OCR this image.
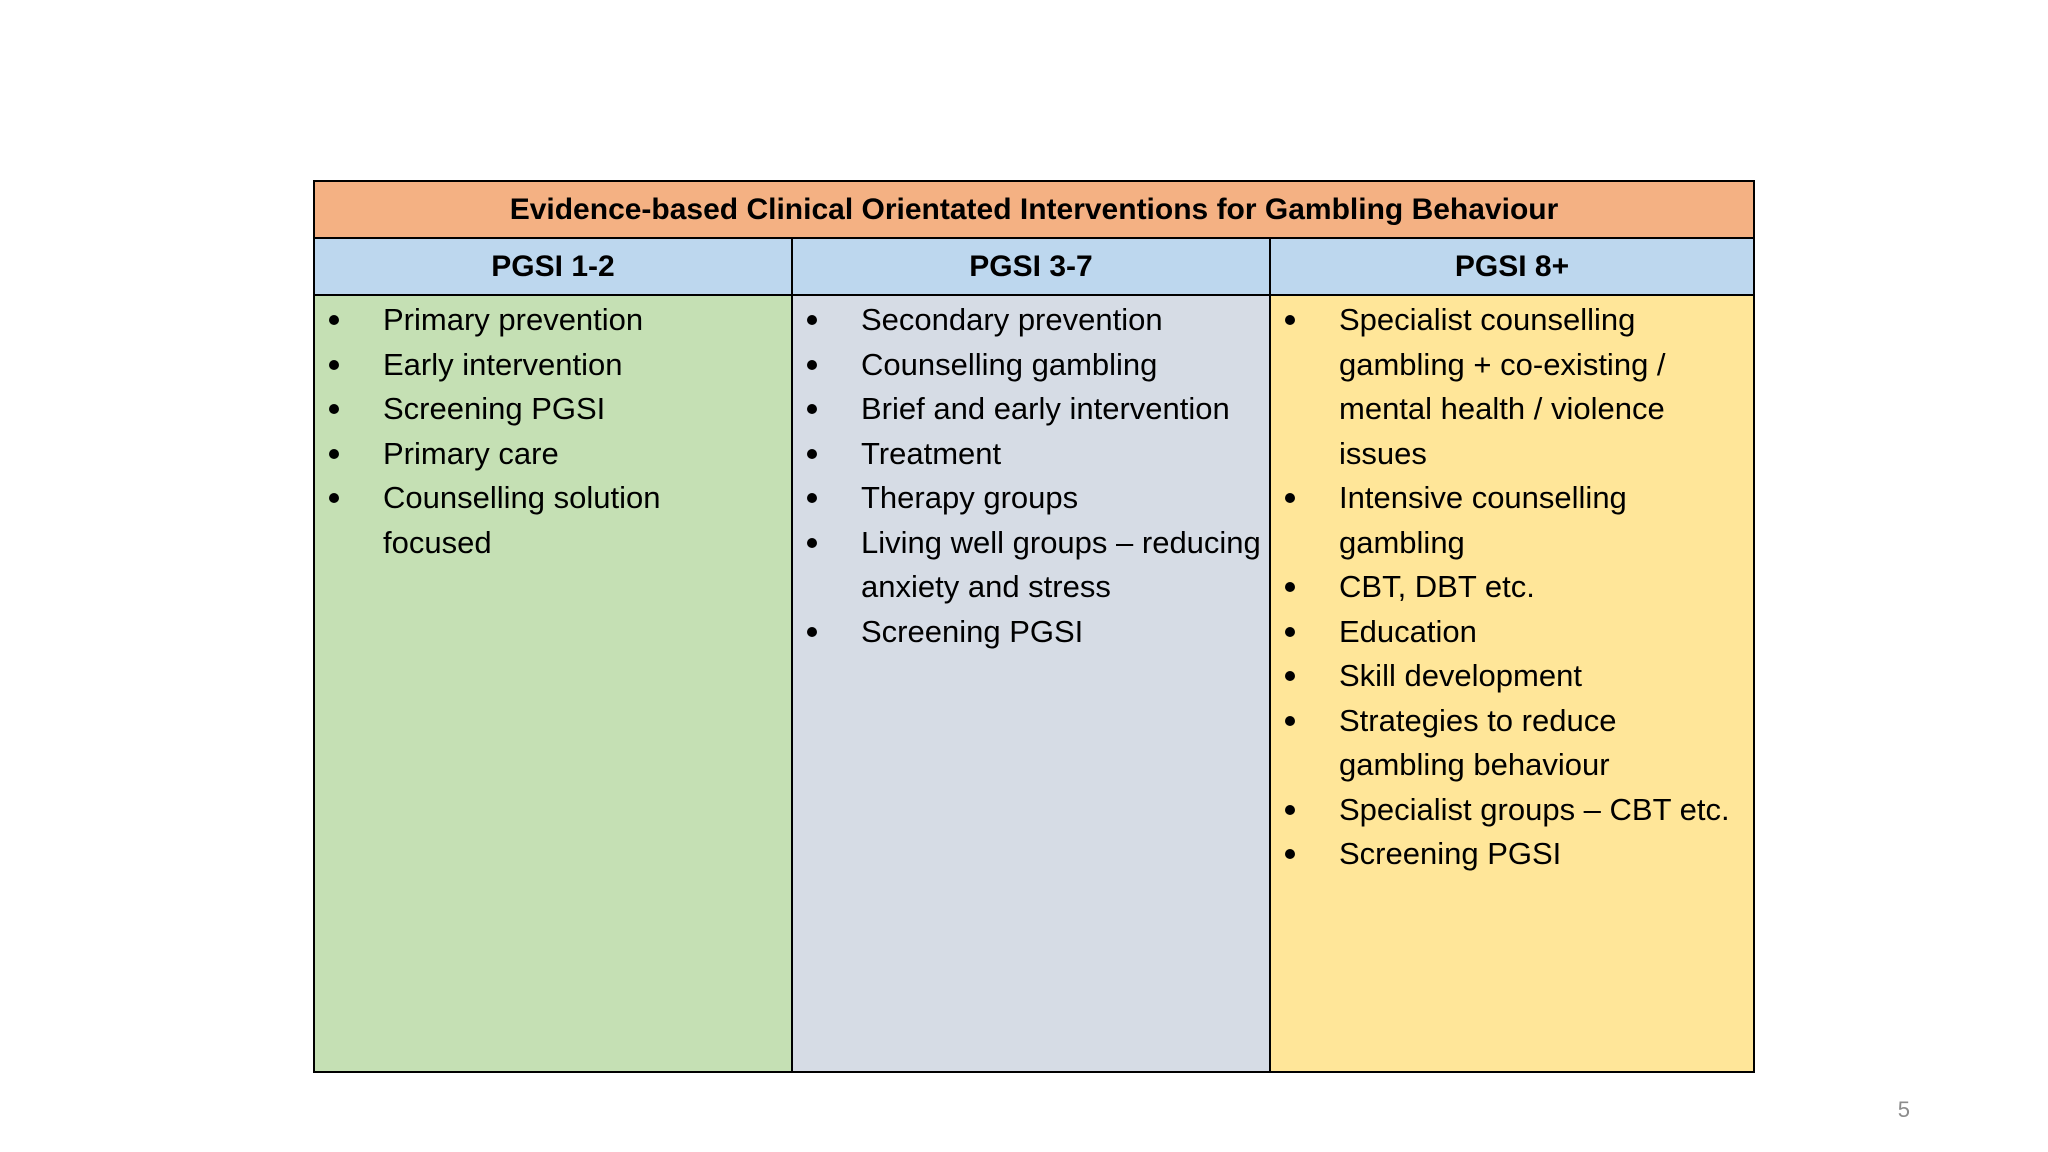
Evidence-based Clinical Orientated Interventions for Gambling Behaviour
PGSI 1-2	PGSI 3-7	PGSI 8+
Primary prevention
Early intervention
Screening PGSI
Primary care
Counselling solution focused
Secondary prevention
Counselling gambling
Brief and early intervention
Treatment
Therapy groups
Living well groups – reducing anxiety and stress
Screening PGSI
Specialist counselling gambling + co-existing / mental health / violence issues
Intensive counselling gambling
CBT, DBT etc.
Education
Skill development
Strategies to reduce gambling behaviour
Specialist groups – CBT etc.
Screening PGSI
5
